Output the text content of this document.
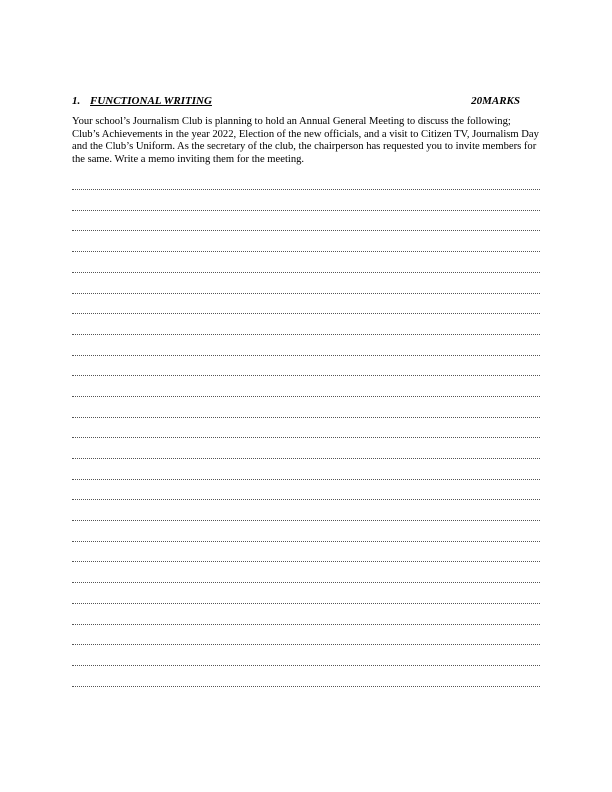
1. FUNCTIONAL WRITING	20MARKS

Your school’s Journalism Club is planning to hold an Annual General Meeting to discuss the following; Club’s Achievements in the year 2022, Election of the new officials, and a visit to Citizen TV, Journalism Day and the Club’s Uniform. As the secretary of the club, the chairperson has requested you to invite members for the same. Write a memo inviting them for the meeting.
